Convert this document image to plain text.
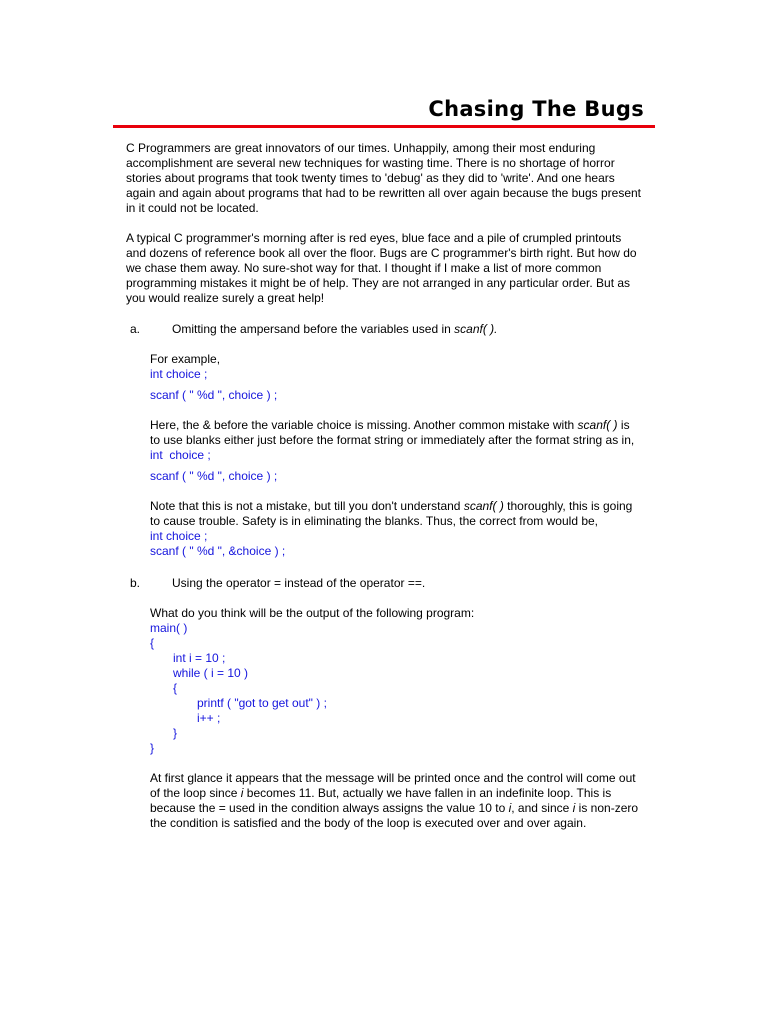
Chasing The Bugs

C Programmers are great innovators of our times. Unhappily, among their most enduring accomplishment are several new techniques for wasting time. There is no shortage of horror stories about programs that took twenty times to 'debug' as they did to 'write'. And one hears again and again about programs that had to be rewritten all over again because the bugs present in it could not be located.

A typical C programmer's morning after is red eyes, blue face and a pile of crumpled printouts and dozens of reference book all over the floor. Bugs are C programmer's birth right. But how do we chase them away. No sure-shot way for that. I thought if I make a list of more common programming mistakes it might be of help. They are not arranged in any particular order. But as you would realize surely a great help!

a.	Omitting the ampersand before the variables used in scanf( ).

For example,

int choice ;
scanf ( " %d ", choice ) ;

Here, the & before the variable choice is missing. Another common mistake with scanf( ) is to use blanks either just before the format string or immediately after the format string as in,

int  choice ;
scanf ( " %d ", choice ) ;

Note that this is not a mistake, but till you don't understand scanf( ) thoroughly, this is going to cause trouble. Safety is in eliminating the blanks. Thus, the correct from would be,

int choice ;
scanf ( " %d ", &choice ) ;
b.	Using the operator = instead of the operator ==.

What do you think will be the output of the following program:

main( )
{
int i = 10 ;
while ( i = 10 )
{
printf ( "got to get out" ) ;
i++ ;
}
}

At first glance it appears that the message will be printed once and the control will come out of the loop since i becomes 11. But, actually we have fallen in an indefinite loop. This is because the = used in the condition always assigns the value 10 to i, and since i is non-zero the condition is satisfied and the body of the loop is executed over and over again.
